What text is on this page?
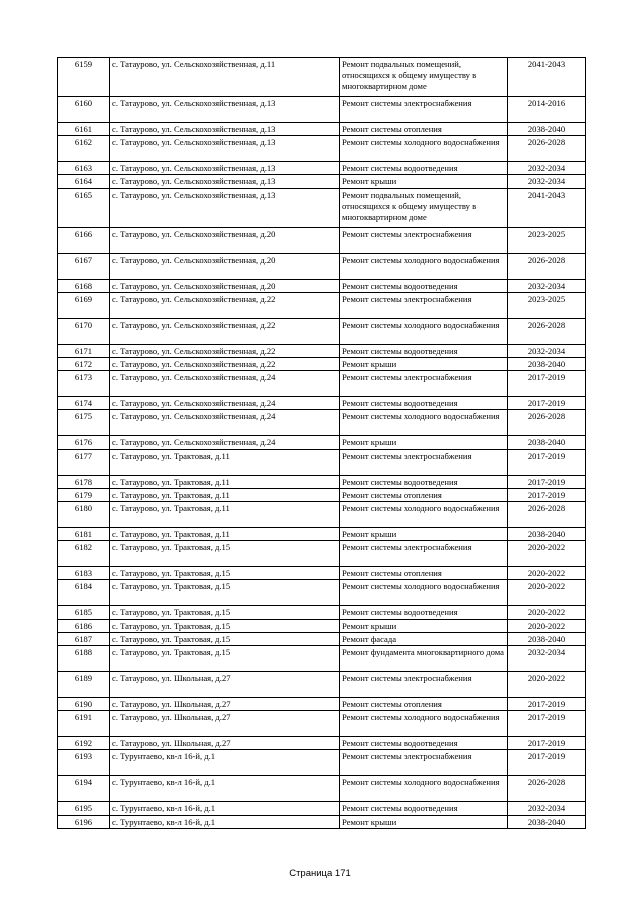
6159	с. Татаурово, ул. Сельскохозяйственная, д.11	Ремонт подвальных помещений, относящихся к общему имуществу в многоквартирном доме	2041-2043
6160	с. Татаурово, ул. Сельскохозяйственная, д.13	Ремонт системы электроснабжения	2014-2016
6161	с. Татаурово, ул. Сельскохозяйственная, д.13	Ремонт системы отопления	2038-2040
6162	с. Татаурово, ул. Сельскохозяйственная, д.13	Ремонт системы холодного водоснабжения	2026-2028
6163	с. Татаурово, ул. Сельскохозяйственная, д.13	Ремонт системы водоотведения	2032-2034
6164	с. Татаурово, ул. Сельскохозяйственная, д.13	Ремонт крыши	2032-2034
6165	с. Татаурово, ул. Сельскохозяйственная, д.13	Ремонт подвальных помещений, относящихся к общему имуществу в многоквартирном доме	2041-2043
6166	с. Татаурово, ул. Сельскохозяйственная, д.20	Ремонт системы электроснабжения	2023-2025
6167	с. Татаурово, ул. Сельскохозяйственная, д.20	Ремонт системы холодного водоснабжения	2026-2028
6168	с. Татаурово, ул. Сельскохозяйственная, д.20	Ремонт системы водоотведения	2032-2034
6169	с. Татаурово, ул. Сельскохозяйственная, д.22	Ремонт системы электроснабжения	2023-2025
6170	с. Татаурово, ул. Сельскохозяйственная, д.22	Ремонт системы холодного водоснабжения	2026-2028
6171	с. Татаурово, ул. Сельскохозяйственная, д.22	Ремонт системы водоотведения	2032-2034
6172	с. Татаурово, ул. Сельскохозяйственная, д.22	Ремонт крыши	2038-2040
6173	с. Татаурово, ул. Сельскохозяйственная, д.24	Ремонт системы электроснабжения	2017-2019
6174	с. Татаурово, ул. Сельскохозяйственная, д.24	Ремонт системы водоотведения	2017-2019
6175	с. Татаурово, ул. Сельскохозяйственная, д.24	Ремонт системы холодного водоснабжения	2026-2028
6176	с. Татаурово, ул. Сельскохозяйственная, д.24	Ремонт крыши	2038-2040
6177	с. Татаурово, ул. Трактовая, д.11	Ремонт системы электроснабжения	2017-2019
6178	с. Татаурово, ул. Трактовая, д.11	Ремонт системы водоотведения	2017-2019
6179	с. Татаурово, ул. Трактовая, д.11	Ремонт системы отопления	2017-2019
6180	с. Татаурово, ул. Трактовая, д.11	Ремонт системы холодного водоснабжения	2026-2028
6181	с. Татаурово, ул. Трактовая, д.11	Ремонт крыши	2038-2040
6182	с. Татаурово, ул. Трактовая, д.15	Ремонт системы электроснабжения	2020-2022
6183	с. Татаурово, ул. Трактовая, д.15	Ремонт системы отопления	2020-2022
6184	с. Татаурово, ул. Трактовая, д.15	Ремонт системы холодного водоснабжения	2020-2022
6185	с. Татаурово, ул. Трактовая, д.15	Ремонт системы водоотведения	2020-2022
6186	с. Татаурово, ул. Трактовая, д.15	Ремонт крыши	2020-2022
6187	с. Татаурово, ул. Трактовая, д.15	Ремонт фасада	2038-2040
6188	с. Татаурово, ул. Трактовая, д.15	Ремонт фундамента многоквартирного дома	2032-2034
6189	с. Татаурово, ул. Школьная, д.27	Ремонт системы электроснабжения	2020-2022
6190	с. Татаурово, ул. Школьная, д.27	Ремонт системы отопления	2017-2019
6191	с. Татаурово, ул. Школьная, д.27	Ремонт системы холодного водоснабжения	2017-2019
6192	с. Татаурово, ул. Школьная, д.27	Ремонт системы водоотведения	2017-2019
6193	с. Турунтаево, кв-л 16-й, д.1	Ремонт системы электроснабжения	2017-2019
6194	с. Турунтаево, кв-л 16-й, д.1	Ремонт системы холодного водоснабжения	2026-2028
6195	с. Турунтаево, кв-л 16-й, д.1	Ремонт системы водоотведения	2032-2034
6196	с. Турунтаево, кв-л 16-й, д.1	Ремонт крыши	2038-2040
Страница 171
